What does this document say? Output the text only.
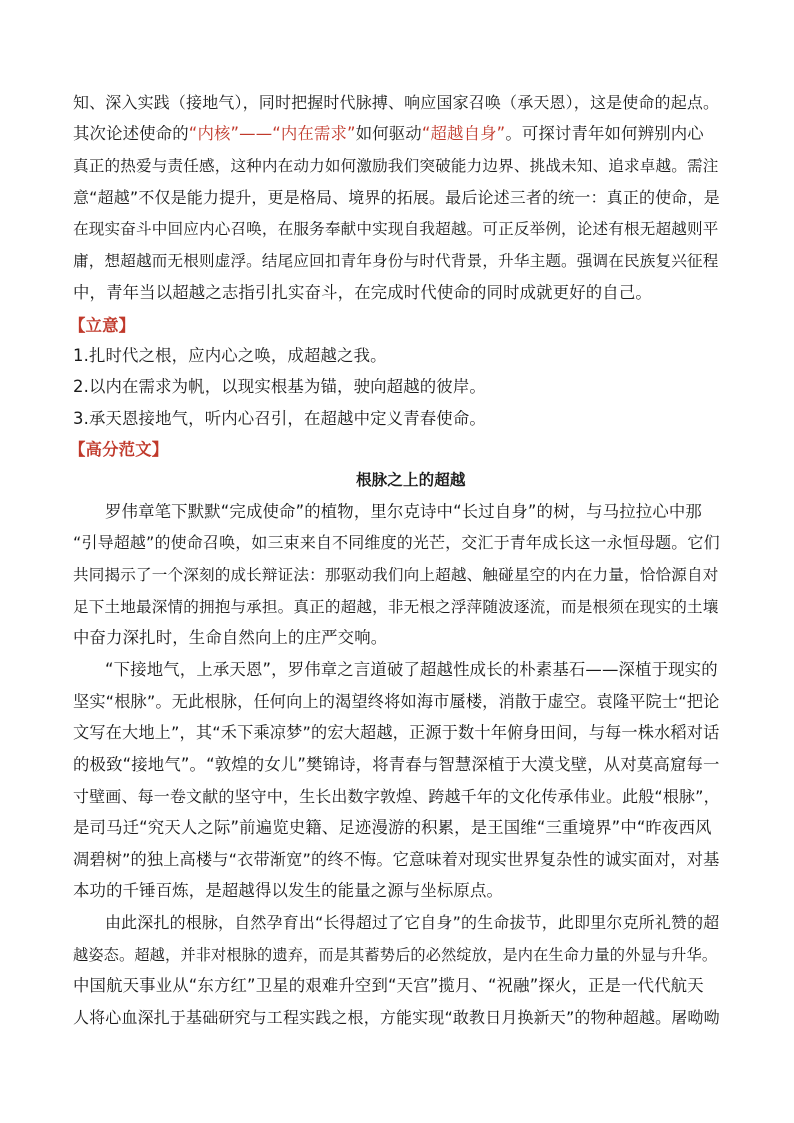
知、深入实践（接地气），同时把握时代脉搏、响应国家召唤（承天恩），这是使命的起点。
其次论述使命的“内核”——“内在需求”如何驱动“超越自身”。可探讨青年如何辨别内心
真正的热爱与责任感，这种内在动力如何激励我们突破能力边界、挑战未知、追求卓越。需注
意“超越”不仅是能力提升，更是格局、境界的拓展。最后论述三者的统一：真正的使命，是
在现实奋斗中回应内心召唤，在服务奉献中实现自我超越。可正反举例，论述有根无超越则平
庸，想超越而无根则虚浮。结尾应回扣青年身份与时代背景，升华主题。强调在民族复兴征程
中，青年当以超越之志指引扎实奋斗，在完成时代使命的同时成就更好的自己。
【立意】
1.扎时代之根，应内心之唤，成超越之我。
2.以内在需求为帆，以现实根基为锚，驶向超越的彼岸。
3.承天恩接地气，听内心召引，在超越中定义青春使命。
【高分范文】
根脉之上的超越
罗伟章笔下默默“完成使命”的植物，里尔克诗中“长过自身”的树，与马拉拉心中那
“引导超越”的使命召唤，如三束来自不同维度的光芒，交汇于青年成长这一永恒母题。它们
共同揭示了一个深刻的成长辩证法：那驱动我们向上超越、触碰星空的内在力量，恰恰源自对
足下土地最深情的拥抱与承担。真正的超越，非无根之浮萍随波逐流，而是根须在现实的土壤
中奋力深扎时，生命自然向上的庄严交响。
“下接地气，上承天恩”，罗伟章之言道破了超越性成长的朴素基石——深植于现实的
坚实“根脉”。无此根脉，任何向上的渴望终将如海市蜃楼，消散于虚空。袁隆平院士“把论
文写在大地上”，其“禾下乘凉梦”的宏大超越，正源于数十年俯身田间，与每一株水稻对话
的极致“接地气”。“敦煌的女儿”樊锦诗，将青春与智慧深植于大漠戈壁，从对莫高窟每一
寸壁画、每一卷文献的坚守中，生长出数字敦煌、跨越千年的文化传承伟业。此般“根脉”，
是司马迁“究天人之际”前遍览史籍、足迹漫游的积累，是王国维“三重境界”中“昨夜西风
凋碧树”的独上高楼与“衣带渐宽”的终不悔。它意味着对现实世界复杂性的诚实面对，对基
本功的千锤百炼，是超越得以发生的能量之源与坐标原点。
由此深扎的根脉，自然孕育出“长得超过了它自身”的生命拔节，此即里尔克所礼赞的超
越姿态。超越，并非对根脉的遗弃，而是其蓄势后的必然绽放，是内在生命力量的外显与升华。
中国航天事业从“东方红”卫星的艰难升空到“天宫”揽月、“祝融”探火，正是一代代航天
人将心血深扎于基础研究与工程实践之根，方能实现“敢教日月换新天”的物种超越。屠呦呦
